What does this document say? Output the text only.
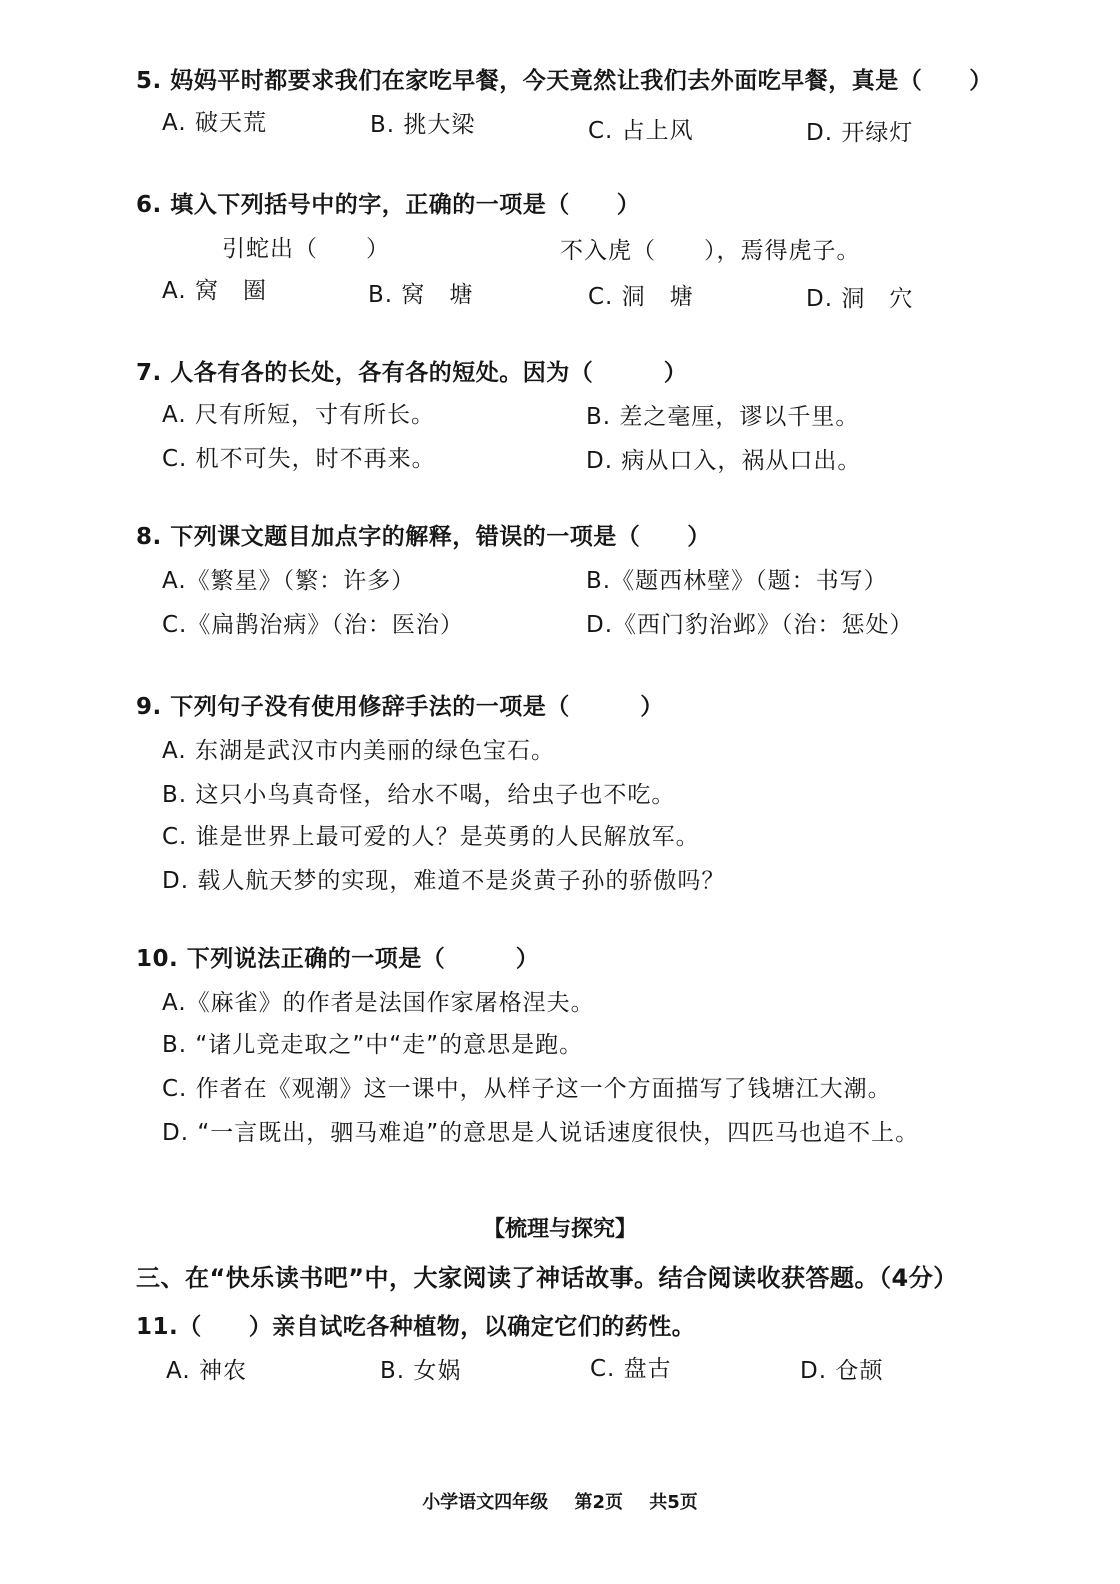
5. 妈妈平时都要求我们在家吃早餐，今天竟然让我们去外面吃早餐，真是（　　）
A. 破天荒	B. 挑大梁	C. 占上风	D. 开绿灯
6. 填入下列括号中的字，正确的一项是（　　）
引蛇出（　　）	不入虎（　　），焉得虎子。
A. 窝　圈	B. 窝　塘	C. 洞　塘	D. 洞　穴
7. 人各有各的长处，各有各的短处。因为（　　　）
A. 尺有所短，寸有所长。	B. 差之毫厘，谬以千里。
C. 机不可失，时不再来。	D. 病从口入，祸从口出。
8. 下列课文题目加点字的解释，错误的一项是（　　）
A.《繁星》（繁：许多）	B.《题西林壁》（题：书写）
C.《扁鹊治病》（治：医治）	D.《西门豹治邺》（治：惩处）
9. 下列句子没有使用修辞手法的一项是（　　　）
A. 东湖是武汉市内美丽的绿色宝石。
B. 这只小鸟真奇怪，给水不喝，给虫子也不吃。
C. 谁是世界上最可爱的人？是英勇的人民解放军。
D. 载人航天梦的实现，难道不是炎黄子孙的骄傲吗？
10. 下列说法正确的一项是（　　　）
A.《麻雀》的作者是法国作家屠格涅夫。
B. “诸儿竞走取之”中“走”的意思是跑。
C. 作者在《观潮》这一课中，从样子这一个方面描写了钱塘江大潮。
D. “一言既出，驷马难追”的意思是人说话速度很快，四匹马也追不上。
【梳理与探究】
三、在“快乐读书吧”中，大家阅读了神话故事。结合阅读收获答题。（4分）
11.（　　）亲自试吃各种植物，以确定它们的药性。
A. 神农	B. 女娲	C. 盘古	D. 仓颉
小学语文四年级 第2页 共5页
